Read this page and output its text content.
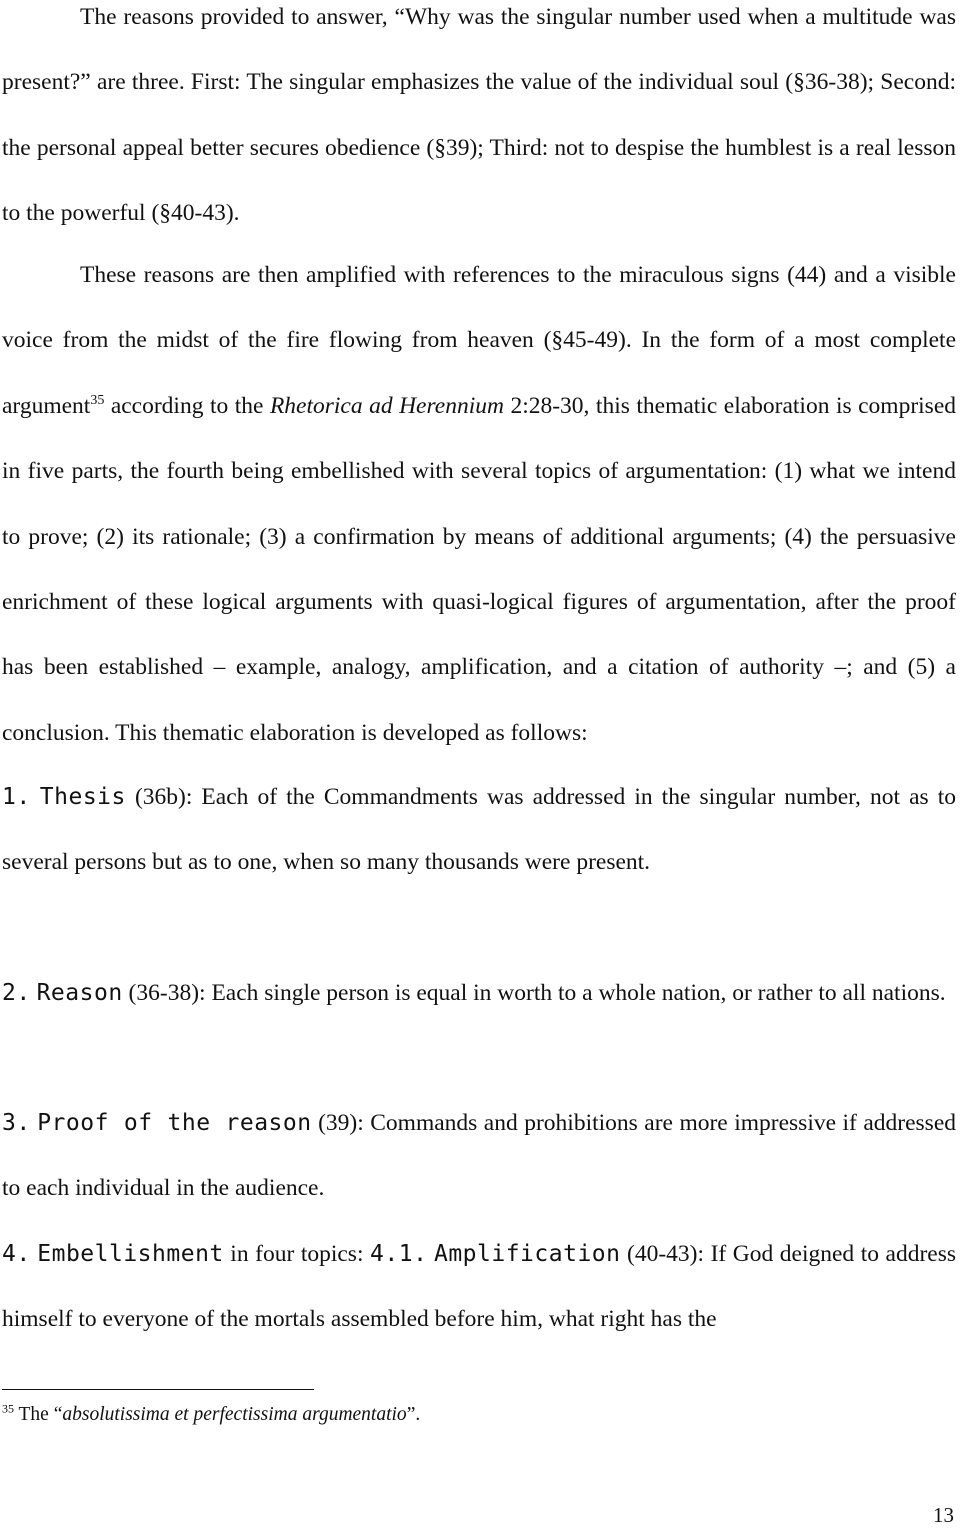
The reasons provided to answer, “Why was the singular number used when a multitude was present?” are three. First: The singular emphasizes the value of the individual soul (§36-38); Second: the personal appeal better secures obedience (§39); Third: not to despise the humblest is a real lesson to the powerful (§40-43).

These reasons are then amplified with references to the miraculous signs (44) and a visible voice from the midst of the fire flowing from heaven (§45-49). In the form of a most complete argument$^{35}$ according to the Rhetorica ad Herennium 2:28-30, this thematic elaboration is comprised in five parts, the fourth being embellished with several topics of argumentation: (1) what we intend to prove; (2) its rationale; (3) a confirmation by means of additional arguments; (4) the persuasive enrichment of these logical arguments with quasi-logical figures of argumentation, after the proof has been established – example, analogy, amplification, and a citation of authority –; and (5) a conclusion. This thematic elaboration is developed as follows:

1. Thesis (36b): Each of the Commandments was addressed in the singular number, not as to several persons but as to one, when so many thousands were present.

2. Reason (36-38): Each single person is equal in worth to a whole nation, or rather to all nations.

3. Proof of the reason (39): Commands and prohibitions are more impressive if addressed to each individual in the audience.

4. Embellishment in four topics: 4.1. Amplification (40-43): If God deigned to address himself to everyone of the mortals assembled before him, what right has the

$^{35}$ The “absolutissima et perfectissima argumentatio”.

13
